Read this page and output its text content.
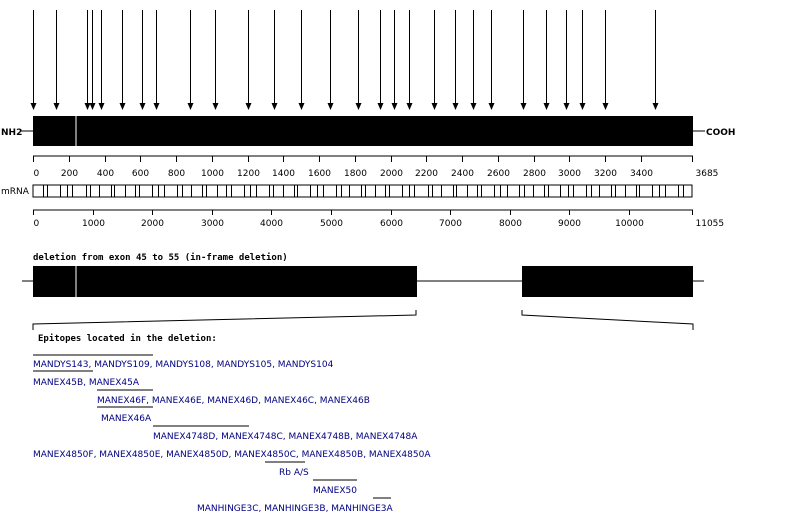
NH2	COOH
0 200 400 600 800 1000 1200 1400 1600 1800 2000 2200 2400 2600 2800 3000 3200 3400	3685
mRNA
0	1000	2000	3000	4000	5000	6000	7000	8000	9000	10000	11055
deletion from exon 45 to 55 (in-frame deletion)
Epitopes located in the deletion:
MANDYS143, MANDYS109, MANDYS108, MANDYS105, MANDYS104
MANEX45B, MANEX45A
MANEX46F, MANEX46E, MANEX46D, MANEX46C, MANEX46B
MANEX46A
MANEX4748D, MANEX4748C, MANEX4748B, MANEX4748A
MANEX4850F, MANEX4850E, MANEX4850D, MANEX4850C, MANEX4850B, MANEX4850A
Rb A/S
MANEX50
MANHINGE3C, MANHINGE3B, MANHINGE3A
